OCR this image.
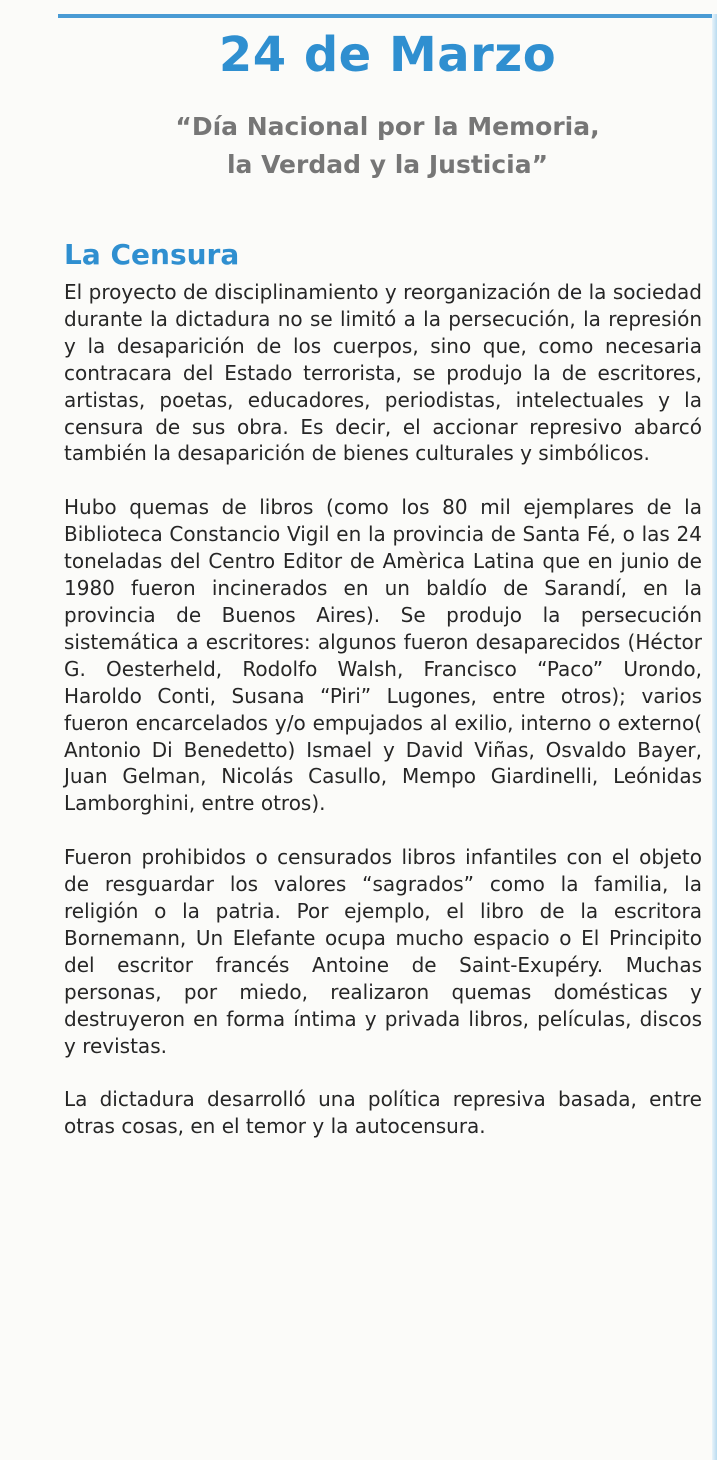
24 de Marzo
“Día Nacional por la Memoria,
la Verdad y la Justicia”
La Censura

El proyecto de disciplinamiento y reorganización de la sociedad durante la dictadura no se limitó a la persecución, la represión y la desaparición de los cuerpos, sino que, como necesaria contracara del Estado terrorista, se produjo la de escritores, artistas, poetas, educadores, periodistas, intelectuales y la censura de sus obra. Es decir, el accionar represivo abarcó también la desaparición de bienes culturales y simbólicos.

Hubo quemas de libros (como los 80 mil ejemplares de la Biblioteca Constancio Vigil en la provincia de Santa Fé, o las 24 toneladas del Centro Editor de Amèrica Latina que en junio de 1980 fueron incinerados en un baldío de Sarandí, en la provincia de Buenos Aires). Se produjo la persecución sistemática a escritores: algunos fueron desaparecidos (Héctor G. Oesterheld, Rodolfo Walsh, Francisco “Paco” Urondo, Haroldo Conti, Susana “Piri” Lugones, entre otros); varios fueron encarcelados y/o empujados al exilio, interno o externo( Antonio Di Benedetto) Ismael y David Viñas, Osvaldo Bayer, Juan Gelman, Nicolás Casullo, Mempo Giardinelli, Leónidas Lamborghini, entre otros).

Fueron prohibidos o censurados libros infantiles con el objeto de resguardar los valores “sagrados” como la familia, la religión o la patria. Por ejemplo, el libro de la escritora Bornemann, Un Elefante ocupa mucho espacio o El Principito del escritor francés Antoine de Saint-Exupéry. Muchas personas, por miedo, realizaron quemas domésticas y destruyeron en forma íntima y privada libros, películas, discos y revistas.

La dictadura desarrolló una política represiva basada, entre otras cosas, en el temor y la autocensura.
